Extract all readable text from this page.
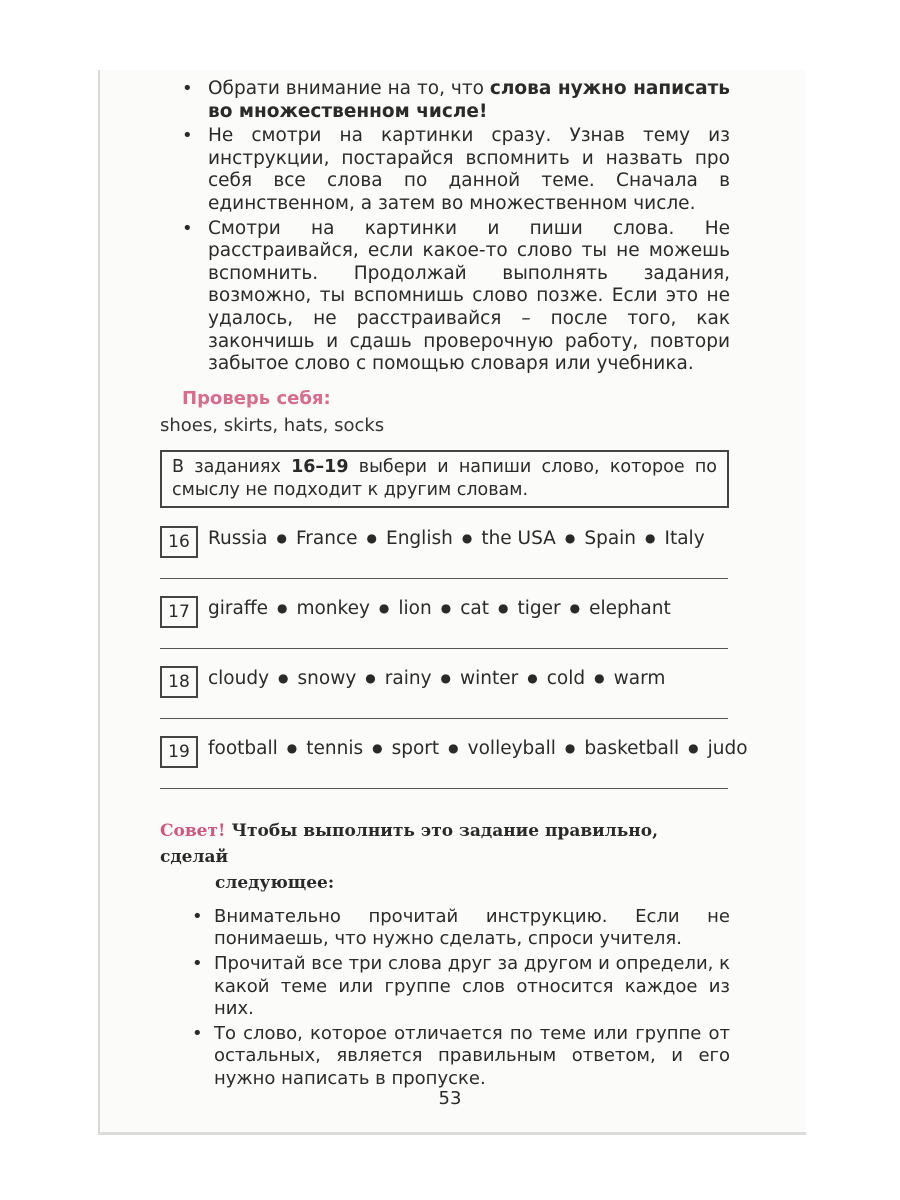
• Обрати внимание на то, что слова нужно написать во множественном числе!
• Не смотри на картинки сразу. Узнав тему из инструкции, постарайся вспомнить и назвать про себя все слова по данной теме. Сначала в единственном, а затем во множественном числе.
• Смотри на картинки и пиши слова. Не расстраивайся, если какое-то слово ты не можешь вспомнить. Продолжай выполнять задания, возможно, ты вспомнишь слово позже. Если это не удалось, не расстраивайся – после того, как закончишь и сдашь проверочную работу, повтори забытое слово с помощью словаря или учебника.
Проверь себя:
shoes, skirts, hats, socks
В заданиях 16–19 выбери и напиши слово, которое по смыслу не подходит к другим словам.
16 Russia ● France ● English ● the USA ● Spain ● Italy
17 giraffe ● monkey ● lion ● cat ● tiger ● elephant
18 cloudy ● snowy ● rainy ● winter ● cold ● warm
19 football ● tennis ● sport ● volleyball ● basketball ● judo
Совет! Чтобы выполнить это задание правильно, сделай
следующее:
• Внимательно прочитай инструкцию. Если не понимаешь, что нужно сделать, спроси учителя.
• Прочитай все три слова друг за другом и определи, к какой теме или группе слов относится каждое из них.
• То слово, которое отличается по теме или группе от остальных, является правильным ответом, и его нужно написать в пропуске.
53
